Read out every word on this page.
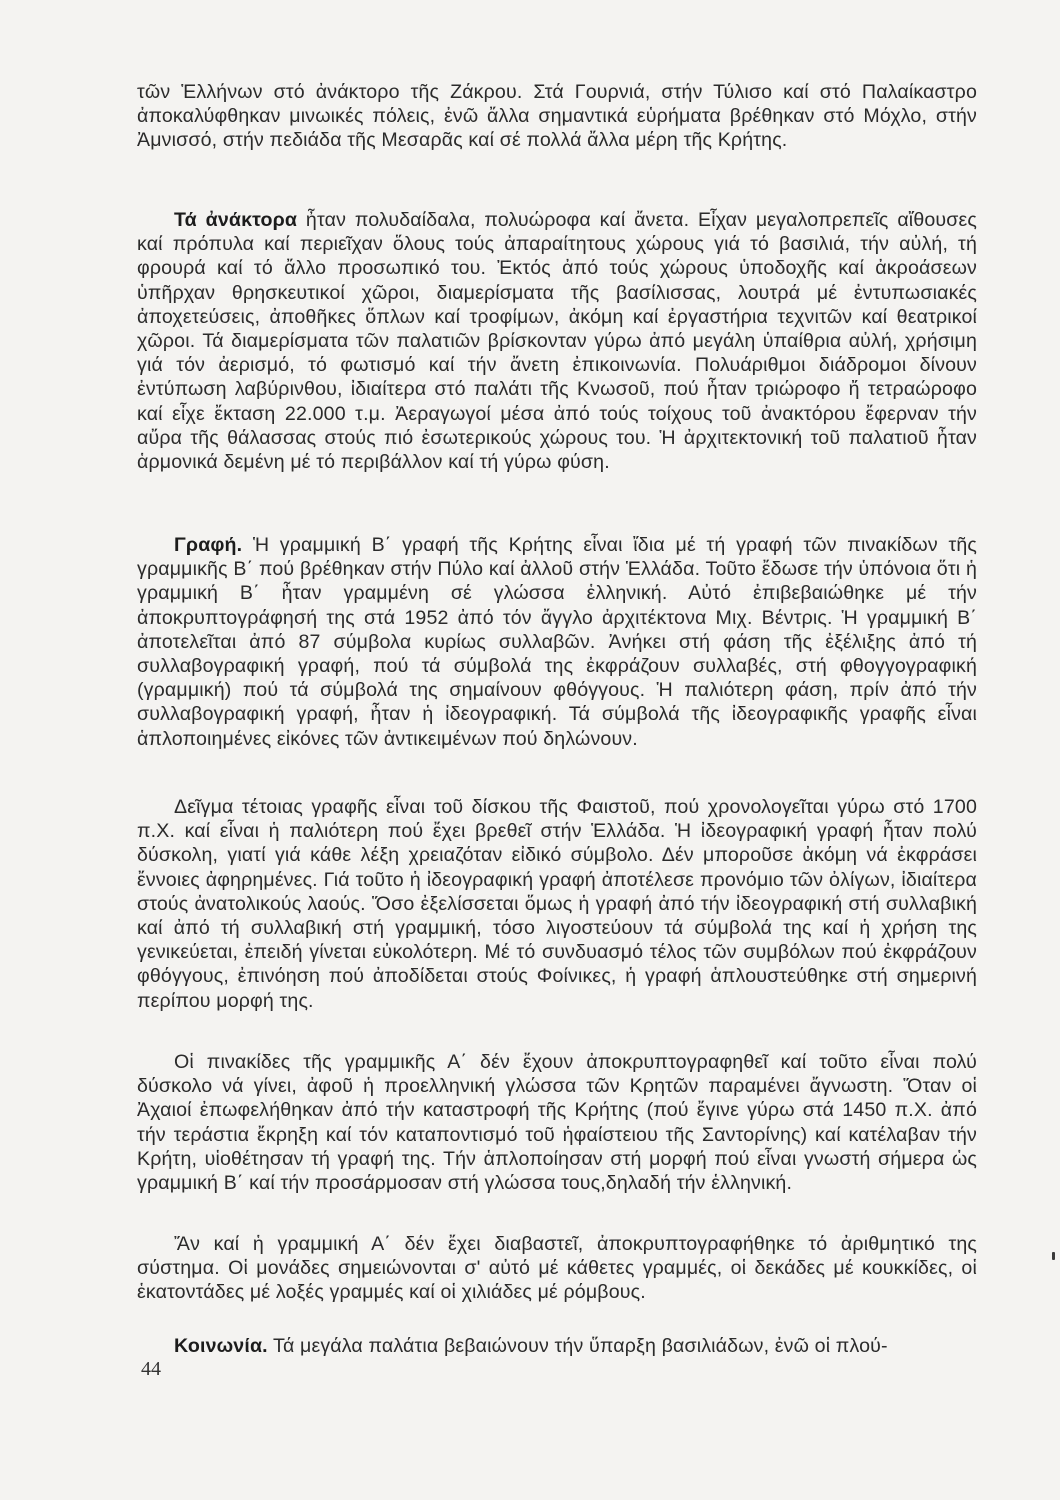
τῶν Ἑλλήνων στό ἀνάκτορο τῆς Ζάκρου. Στά Γουρνιά, στήν Τύλισο καί στό Παλαίκαστρο ἀποκαλύφθηκαν μινωικές πόλεις, ἐνῶ ἄλλα σημαντικά εὑρήματα βρέθηκαν στό Μόχλο, στήν Ἀμνισσό, στήν πεδιάδα τῆς Μεσαρᾶς καί σέ πολλά ἄλλα μέρη τῆς Κρήτης.

Τά ἀνάκτορα ἦταν πολυδαίδαλα, πολυώροφα καί ἄνετα. Εἶχαν μεγαλοπρεπεῖς αἴθουσες καί πρόπυλα καί περιεῖχαν ὅλους τούς ἀπαραίτητους χώρους γιά τό βασιλιά, τήν αὐλή, τή φρουρά καί τό ἄλλο προσωπικό του. Ἐκτός ἀπό τούς χώρους ὑποδοχῆς καί ἀκροάσεων ὑπῆρχαν θρησκευτικοί χῶροι, διαμερίσματα τῆς βασίλισσας, λουτρά μέ ἐντυπωσιακές ἀποχετεύσεις, ἀποθῆκες ὅπλων καί τροφίμων, ἀκόμη καί ἐργαστήρια τεχνιτῶν καί θεατρικοί χῶροι. Τά διαμερίσματα τῶν παλατιῶν βρίσκονταν γύρω ἀπό μεγάλη ὑπαίθρια αὐλή, χρήσιμη γιά τόν ἀερισμό, τό φωτισμό καί τήν ἄνετη ἐπικοινωνία. Πολυάριθμοι διάδρομοι δίνουν ἐντύπωση λαβύρινθου, ἰδιαίτερα στό παλάτι τῆς Κνωσοῦ, πού ἦταν τριώροφο ἤ τετραώροφο καί εἶχε ἔκταση 22.000 τ.μ. Ἀεραγωγοί μέσα ἀπό τούς τοίχους τοῦ ἀνακτόρου ἔφερναν τήν αὔρα τῆς θάλασσας στούς πιό ἐσωτερικούς χώρους του. Ἡ ἀρχιτεκτονική τοῦ παλατιοῦ ἦταν ἁρμονικά δεμένη μέ τό περιβάλλον καί τή γύρω φύση.

Γραφή. Ἡ γραμμική Β΄ γραφή τῆς Κρήτης εἶναι ἴδια μέ τή γραφή τῶν πινακίδων τῆς γραμμικῆς Β΄ πού βρέθηκαν στήν Πύλο καί ἀλλοῦ στήν Ἑλλάδα. Τοῦτο ἔδωσε τήν ὑπόνοια ὅτι ἡ γραμμική Β΄ ἦταν γραμμένη σέ γλώσσα ἑλληνική. Αὐτό ἐπιβεβαιώθηκε μέ τήν ἀποκρυπτογράφησή της στά 1952 ἀπό τόν ἄγγλο ἀρχιτέκτονα Μιχ. Βέντρις. Ἡ γραμμική Β΄ ἀποτελεῖται ἀπό 87 σύμβολα κυρίως συλλαβῶν. Ἀνήκει στή φάση τῆς ἐξέλιξης ἀπό τή συλλαβογραφική γραφή, πού τά σύμβολά της ἐκφράζουν συλλαβές, στή φθογγογραφική (γραμμική) πού τά σύμβολά της σημαίνουν φθόγγους. Ἡ παλιότερη φάση, πρίν ἀπό τήν συλλαβογραφική γραφή, ἦταν ἡ ἰδεογραφική. Τά σύμβολά τῆς ἰδεογραφικῆς γραφῆς εἶναι ἁπλοποιημένες εἰκόνες τῶν ἀντικειμένων πού δηλώνουν.

Δεῖγμα τέτοιας γραφῆς εἶναι τοῦ δίσκου τῆς Φαιστοῦ, πού χρονολογεῖται γύρω στό 1700 π.Χ. καί εἶναι ἡ παλιότερη πού ἔχει βρεθεῖ στήν Ἑλλάδα. Ἡ ἰδεογραφική γραφή ἦταν πολύ δύσκολη, γιατί γιά κάθε λέξη χρειαζόταν εἰδικό σύμβολο. Δέν μποροῦσε ἀκόμη νά ἐκφράσει ἔννοιες ἀφηρημένες. Γιά τοῦτο ἡ ἰδεογραφική γραφή ἀποτέλεσε προνόμιο τῶν ὀλίγων, ἰδιαίτερα στούς ἀνατολικούς λαούς. Ὅσο ἐξελίσσεται ὅμως ἡ γραφή ἀπό τήν ἰδεογραφική στή συλλαβική καί ἀπό τή συλλαβική στή γραμμική, τόσο λιγοστεύουν τά σύμβολά της καί ἡ χρήση της γενικεύεται, ἐπειδή γίνεται εὐκολότερη. Μέ τό συνδυασμό τέλος τῶν συμβόλων πού ἐκφράζουν φθόγγους, ἐπινόηση πού ἀποδίδεται στούς Φοίνικες, ἡ γραφή ἁπλουστεύθηκε στή σημερινή περίπου μορφή της.

Οἱ πινακίδες τῆς γραμμικῆς Α΄ δέν ἔχουν ἀποκρυπτογραφηθεῖ καί τοῦτο εἶναι πολύ δύσκολο νά γίνει, ἀφοῦ ἡ προελληνική γλώσσα τῶν Κρητῶν παραμένει ἄγνωστη. Ὅταν οἱ Ἀχαιοί ἐπωφελήθηκαν ἀπό τήν καταστροφή τῆς Κρήτης (πού ἔγινε γύρω στά 1450 π.Χ. ἀπό τήν τεράστια ἔκρηξη καί τόν καταποντισμό τοῦ ἡφαίστειου τῆς Σαντορίνης) καί κατέλαβαν τήν Κρήτη, υἱοθέτησαν τή γραφή της. Τήν ἁπλοποίησαν στή μορφή πού εἶναι γνωστή σήμερα ὡς γραμμική Β΄ καί τήν προσάρμοσαν στή γλώσσα τους,δηλαδή τήν ἑλληνική.

Ἄν καί ἡ γραμμική Α΄ δέν ἔχει διαβαστεῖ, ἀποκρυπτογραφήθηκε τό ἀριθμητικό της σύστημα. Οἱ μονάδες σημειώνονται σ' αὐτό μέ κάθετες γραμμές, οἱ δεκάδες μέ κουκκίδες, οἱ ἑκατοντάδες μέ λοξές γραμμές καί οἱ χιλιάδες μέ ρόμβους.

Κοινωνία. Τά μεγάλα παλάτια βεβαιώνουν τήν ὕπαρξη βασιλιάδων, ἐνῶ οἱ πλού-

44
